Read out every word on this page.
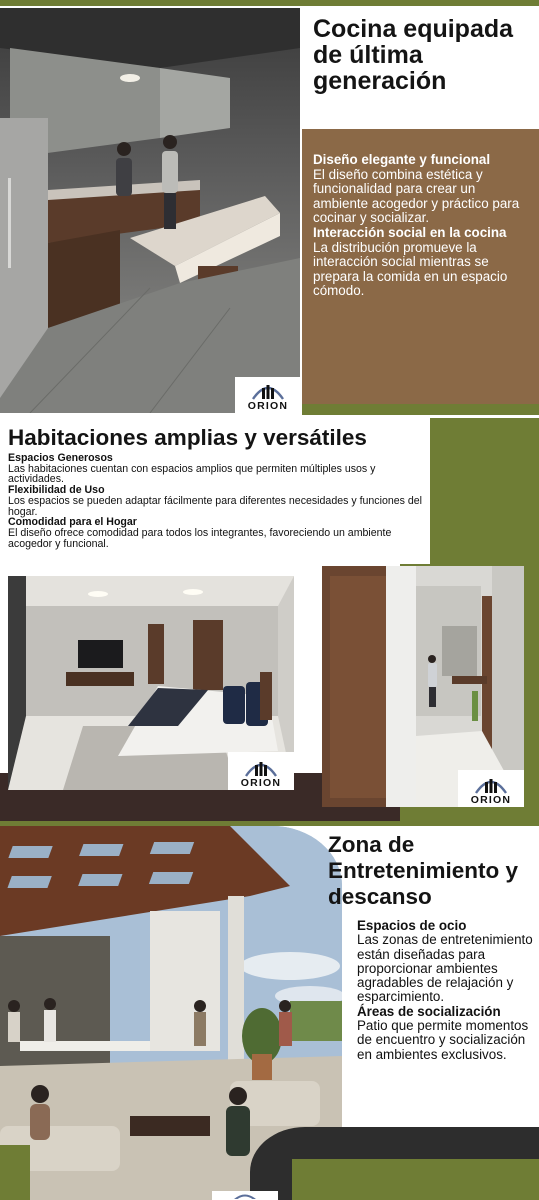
Cocina equipada de última generación
Diseño elegante y funcional
El diseño combina estética y funcionalidad para crear un ambiente acogedor y práctico para cocinar y socializar.
Interacción social en la cocina
La distribución promueve la interacción social mientras se prepara la comida en un espacio cómodo.
ORION
Habitaciones amplias y versátiles
Espacios Generosos
Las habitaciones cuentan con espacios amplios que permiten múltiples usos y actividades.
Flexibilidad de Uso
Los espacios se pueden adaptar fácilmente para diferentes necesidades y funciones del hogar.
Comodidad para el Hogar
El diseño ofrece comodidad para todos los integrantes, favoreciendo un ambiente acogedor y funcional.
ORION
ORION
Zona de Entretenimiento y descanso
Espacios de ocio
Las zonas de entretenimiento están diseñadas para proporcionar ambientes agradables de relajación y esparcimiento.
Áreas de socialización
Patio que permite momentos de encuentro y socialización en ambientes exclusivos.
